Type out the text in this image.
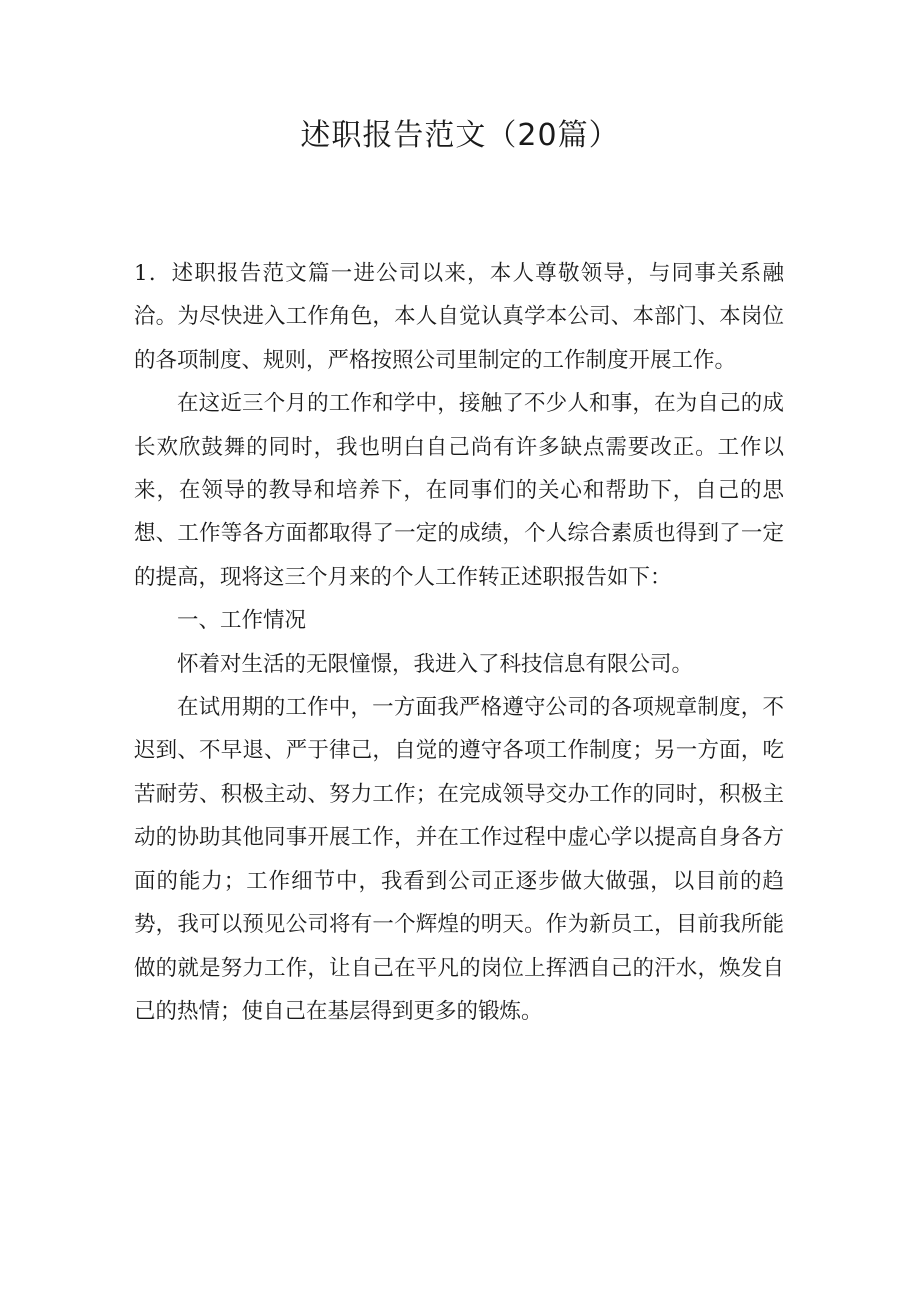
述职报告范文（20篇）

1．述职报告范文篇一进公司以来，本人尊敬领导，与同事关系融洽。为尽快进入工作角色，本人自觉认真学本公司、本部门、本岗位的各项制度、规则，严格按照公司里制定的工作制度开展工作。

在这近三个月的工作和学中，接触了不少人和事，在为自己的成长欢欣鼓舞的同时，我也明白自己尚有许多缺点需要改正。工作以来，在领导的教导和培养下，在同事们的关心和帮助下，自己的思想、工作等各方面都取得了一定的成绩，个人综合素质也得到了一定的提高，现将这三个月来的个人工作转正述职报告如下：

一、工作情况

怀着对生活的无限憧憬，我进入了科技信息有限公司。

在试用期的工作中，一方面我严格遵守公司的各项规章制度，不迟到、不早退、严于律己，自觉的遵守各项工作制度；另一方面，吃苦耐劳、积极主动、努力工作；在完成领导交办工作的同时，积极主动的协助其他同事开展工作，并在工作过程中虚心学以提高自身各方面的能力；工作细节中，我看到公司正逐步做大做强，以目前的趋势，我可以预见公司将有一个辉煌的明天。作为新员工，目前我所能做的就是努力工作，让自己在平凡的岗位上挥洒自己的汗水，焕发自己的热情；使自己在基层得到更多的锻炼。
